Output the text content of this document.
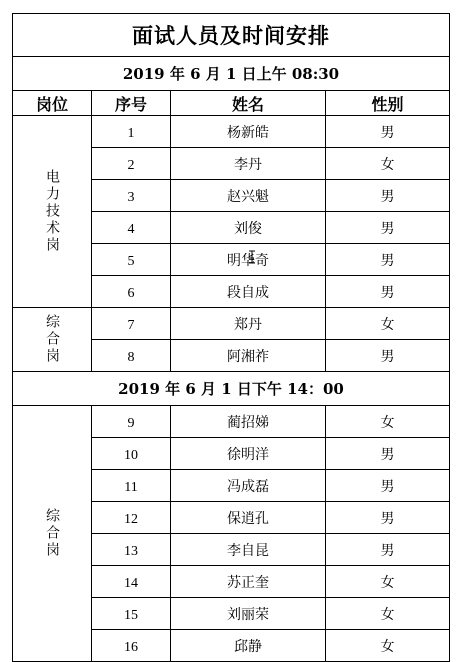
面试人员及时间安排			
2019 年 6 月 1 日上午 08:30			
岗位	序号	姓名	性别

电力技术岗	1	杨新皓	男
	2	李丹	女
	3	赵兴魁	男
	4	刘俊	男
	5	明华奇	男
	6	段自成	男

综合岗	7	郑丹	女
	8	阿湘祚	男
2019 年 6 月 1 日下午 14：00			

综合岗	9	蔺招娣	女
	10	徐明洋	男
	11	冯成磊	男
	12	保逍孔	男
	13	李自昆	男
	14	苏正奎	女
	15	刘丽荣	女
	16	邱静	女
